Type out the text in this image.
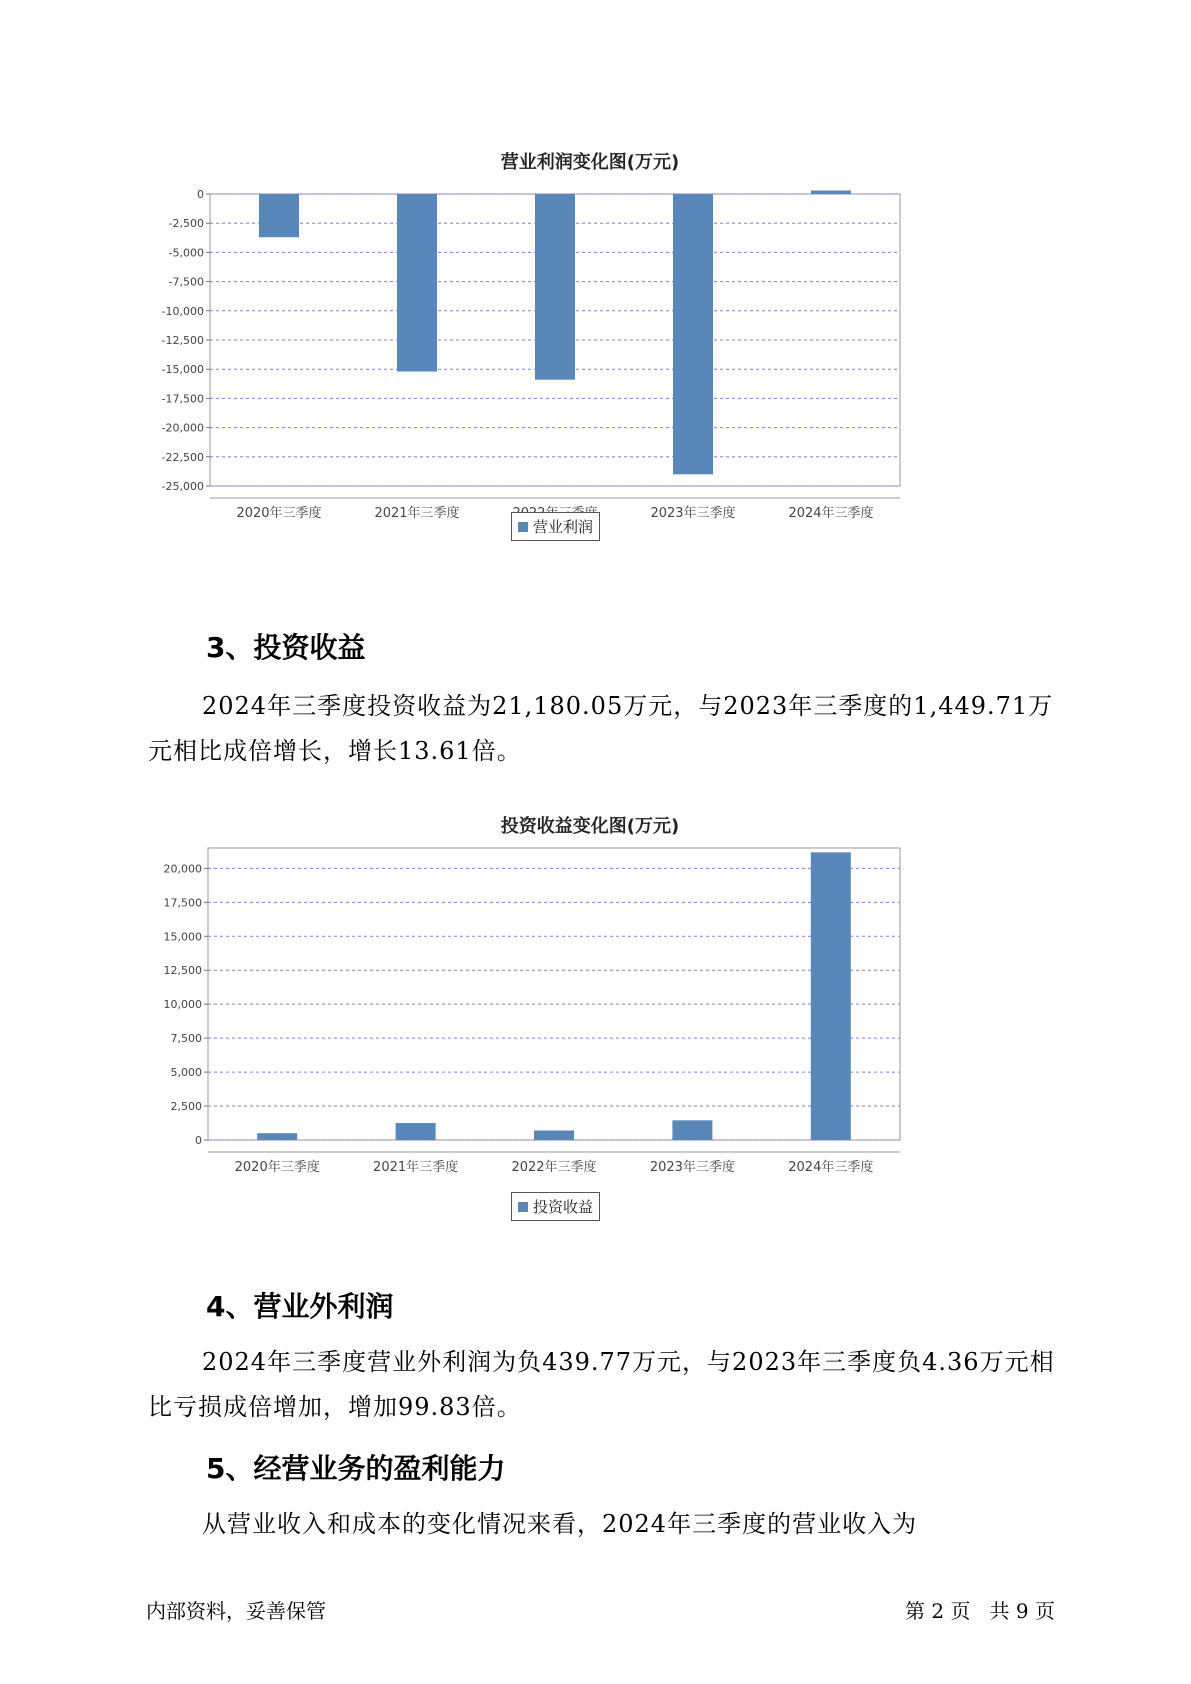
营业利润变化图(万元)
0
-2,500
-5,000
-7,500
-10,000
-12,500
-15,000
-17,500
-20,000
-22,500
-25,000
2020年三季度	2021年三季度	2023年三季度	2024年三季度
营业利润
3、投资收益

2024年三季度投资收益为21,180.05万元，与2023年三季度的1,449.71万元相比成倍增长，增长13.61倍。

投资收益变化图(万元)
0
2,500
5,000
7,500
10,000
12,500
15,000
17,500
20,000
2020年三季度	2021年三季度	2022年三季度	2023年三季度	2024年三季度
投资收益
4、营业外利润

2024年三季度营业外利润为负439.77万元，与2023年三季度负4.36万元相比亏损成倍增加，增加99.83倍。

5、经营业务的盈利能力

从营业收入和成本的变化情况来看，2024年三季度的营业收入为

内部资料，妥善保管	第 2 页   共 9 页
